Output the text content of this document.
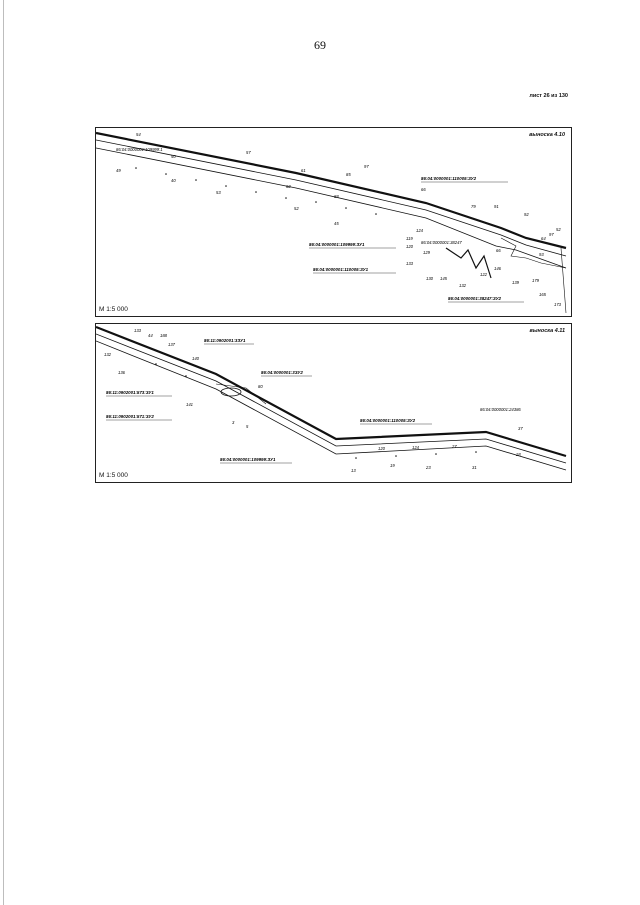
69
лист 26 из 130
54
49
50
57
61
85
97
40
53
52
62
88
66
79	91
92
45
124
119
120
129
133
130 145
132
122
146
139	179
165
173
93
97
52
64
66
86:04:0000001:110005:ЗУ2
86:04:0000001:109999:ЗУ1
86:04:0000001:110005:ЗУ1
86:04:0000001:38247:ЗУ2
86:04:0000001:109999:1
86:04:0000001:38247
выноска 4.10
М 1:5 000
133
44 188
132
137
136
140
141
80
13
19	23	31
37
120	124	27
28
3
5
86:11:0902001:3ЗУ1
86:04:0000001:3ЗУ2
86:11:0902001:573:ЗУ1
86:11:0902001:571:ЗУ2
86:04:0000001:110005:ЗУ2
86:04:0000001:109999:ЗУ1
86:04:0000001:24386
выноска 4.11
М 1:5 000
